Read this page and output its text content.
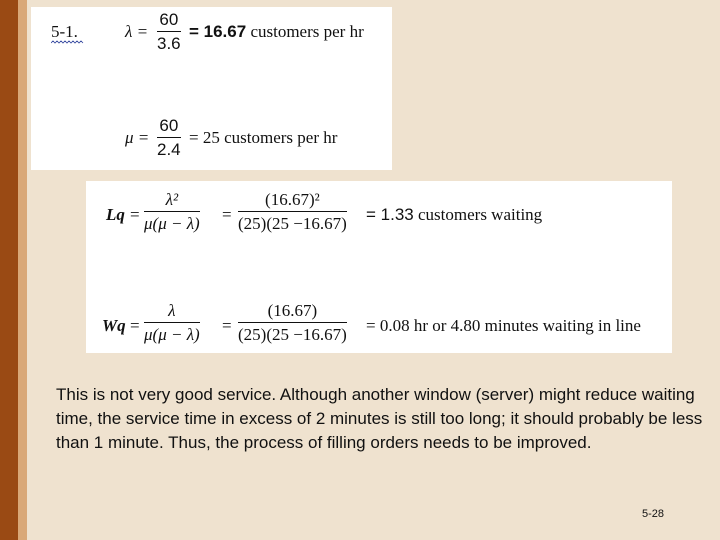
5-1.	λ =
60
3.6
= 16.67 customers per hr
μ =
60
2.4
= 25 customers per hr
Lq =
λ²
μ(μ − λ) =
(16.67)²
(25)(25 −16.67) = 1.33 customers waiting
Wq =
λ
μ(μ − λ) =
(16.67)
(25)(25 −16.67) = 0.08 hr or 4.80 minutes waiting in line
This is not very good service. Although another window (server) might reduce waiting time, the service time in excess of 2 minutes is still too long; it should probably be less than 1 minute. Thus, the process of filling orders needs to be improved.
5-28
